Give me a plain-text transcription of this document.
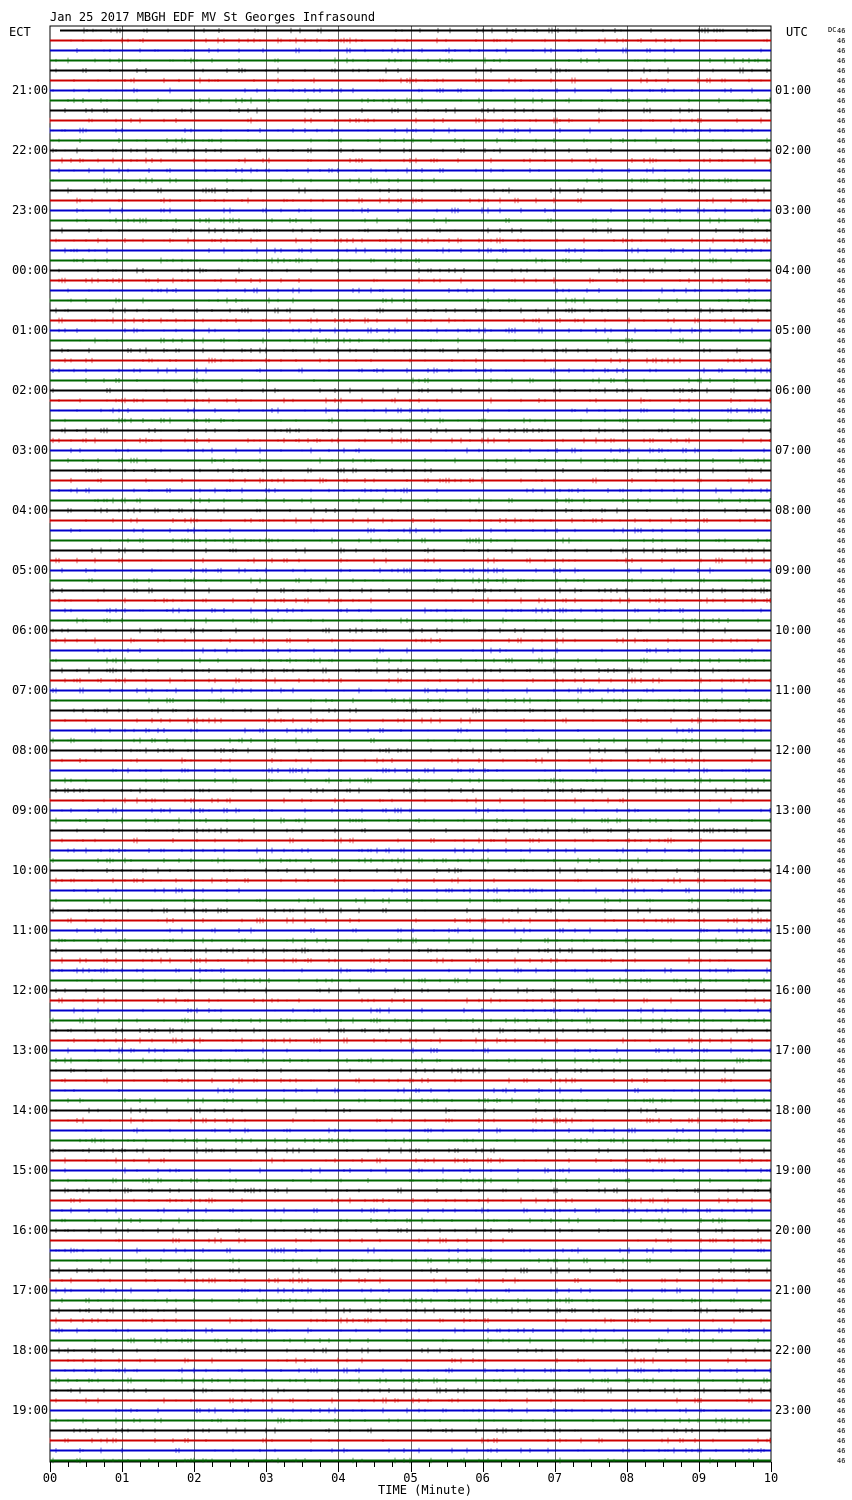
Jan 25 2017 MBGH EDF MV St Georges Infrasound
ECT	UTC	DC
TIME (Minute)
21:00
22:00
23:00
00:00
01:00
02:00
03:00
04:00
05:00
06:00
07:00
08:00
09:00
10:00
11:00
12:00
13:00
14:00
15:00
16:00
17:00
18:00
19:00
01:00
02:00
03:00
04:00
05:00
06:00
07:00
08:00
09:00
10:00
11:00
12:00
13:00
14:00
15:00
16:00
17:00
18:00
19:00
20:00
21:00
22:00
23:00
46
46
46
46
46
46
46
46
46
46
46
46
46
46
46
46
46
46
46
46
46
46
46
46
46
46
46
46
46
46
46
46
46
46
46
46
46
46
46
46
46
46
46
46
46
46
46
46
46
46
46
46
46
46
46
46
46
46
46
46
46
46
46
46
46
46
46
46
46
46
46
46
46
46
46
46
46
46
46
46
46
46
46
46
46
46
46
46
46
46
46
46
46
46
46
46
46
46
46
46
46
46
46
46
46
46
46
46
46
46
46
46
46
46
46
46
46
46
46
46
46
46
46
46
46
46
46
46
46
46
46
46
46
46
46
46
46
46
46
46
46
46
46
46
00	01	02	03	04	05	06	07	08	09	10
